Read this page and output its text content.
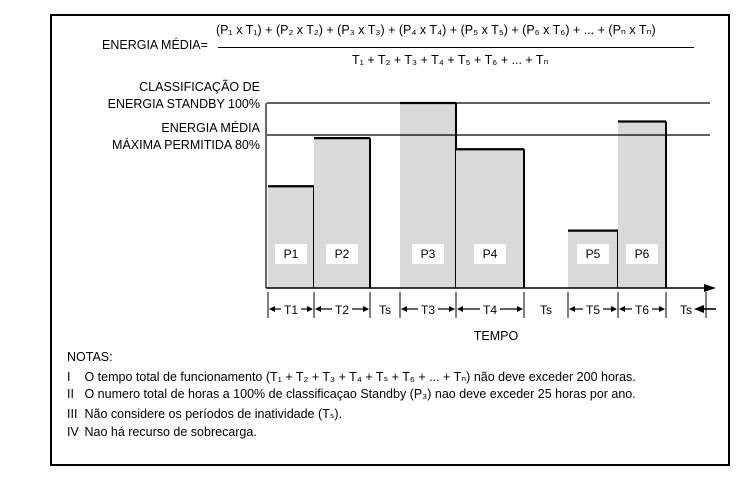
ENERGIA MÉDIA=
(P₁ x T₁) + (P₂ x T₂) + (P₃ x T₃) + (P₄ x T₄) + (P₅ x T₅) + (P₆ x T₆) + ... + (Pₙ x Tₙ)
T₁ + T₂ + T₃ + T₄ + T₅ + T₆ + ... + Tₙ
CLASSIFICAÇÃO DE
ENERGIA STANDBY 100%
ENERGIA MÉDIA
MÁXIMA PERMITIDA 80%
P1	P2	P3	P4	P5	P6
T1	T2 Ts T3	T4	Ts	T5	T6	Ts
TEMPO
NOTAS:
I O tempo total de funcionamento (T₁ + T₂ + T₃ + T₄ + Tₛ + T₆ + ... + Tₙ) não deve exceder 200 horas.
II O numero total de horas a 100% de classificaçao Standby (P₃) nao deve exceder 25 horas por ano.
III Não considere os períodos de inatividade (Tₛ).
IV Nao há recurso de sobrecarga.
